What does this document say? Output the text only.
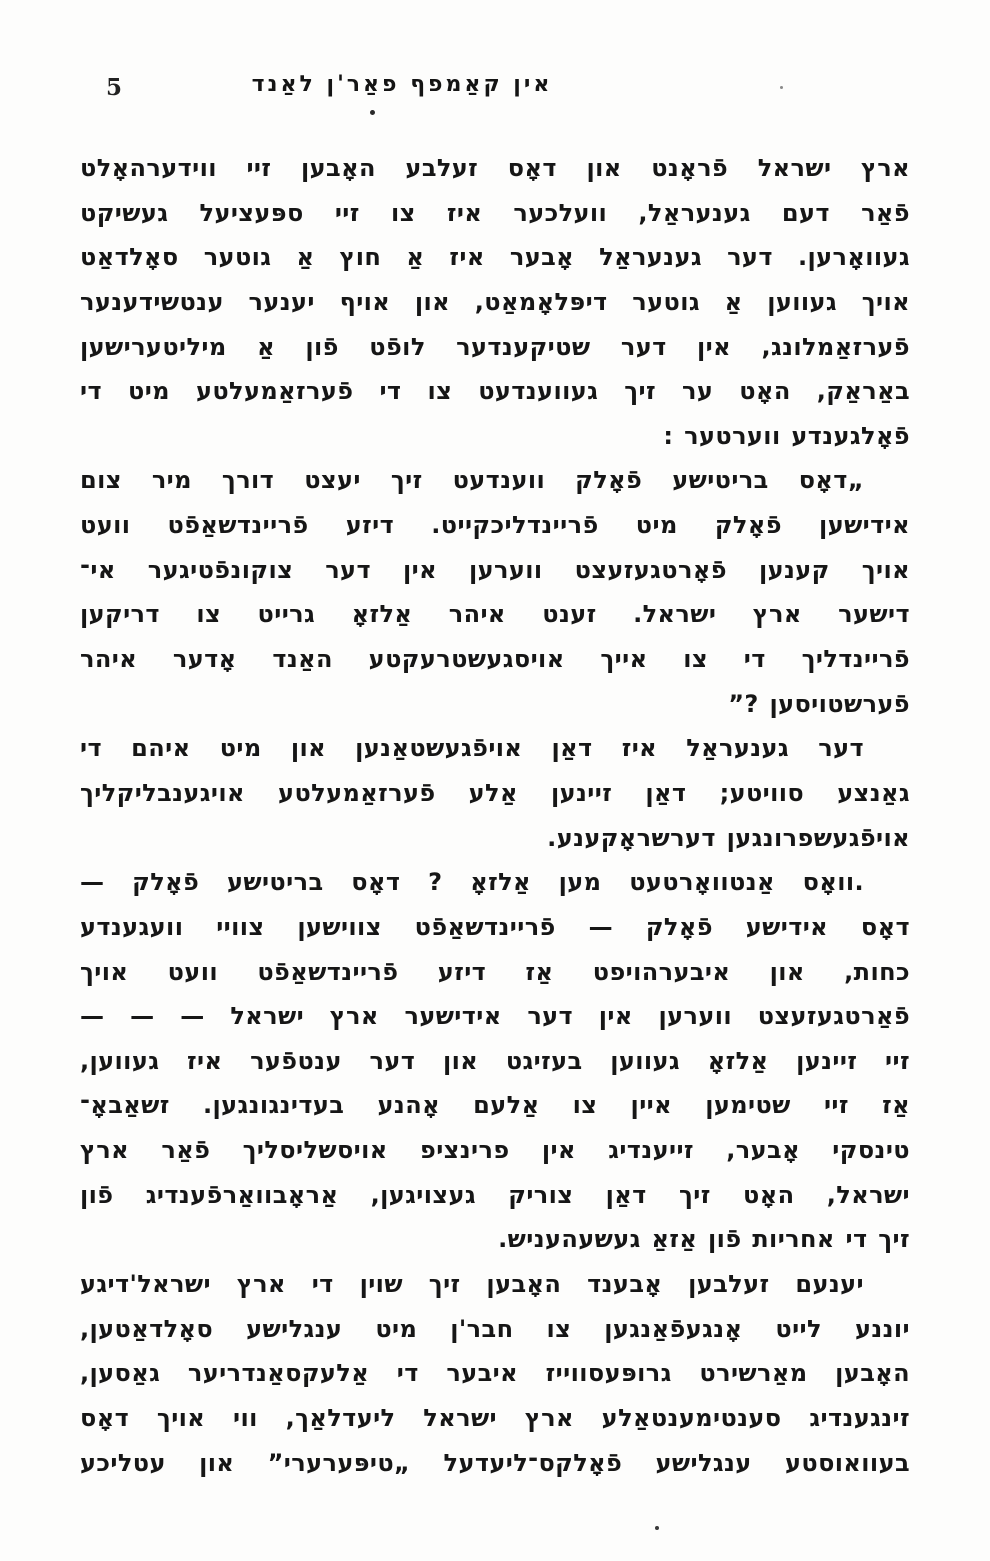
5	אין קאַמפף פאַר'ן לאַנד
ארץ ישראל פֿראָנט און דאָס זעלבע האָבען זיי ווידערהאָלט
פֿאַר דעם גענעראַל, וועלכער איז צו זיי ספּעציעל געשיקט
געוואָרען. דער גענעראַל אָבער איז אַ חוץ אַ גוטער סאָלדאַט
אויך געווען אַ גוטער דיפּלאָמאַט, און אויף יענער ענטשידענער
פֿערזאַמלונג, אין דער שטיקענדער לופֿט פֿון אַ מיליטערישען
באַראַק, האָט ער זיך געווענדעט צו די פֿערזאַמעלטע מיט די
פֿאָלגענדע ווערטער :
„דאָס בריטישע פֿאָלק ווענדעט זיך יעצט דורך מיר צום
אידישען פֿאָלק מיט פֿריינדליכקייט. דיזע פֿריינדשאַפֿט וועט
אויך קענען פֿאָרטגעזעצט ווערען אין דער צוקונפֿטיגער אי־
דישער ארץ ישראל. זענט איהר אַלזאָ גרייט צו דריקען
פֿריינדליך די צו אייך אויסגעשטרעקטע האַנד אָדער איהר
פֿערשטויסען ?”
דער גענעראַל איז דאַן אויפֿגעשטאַנען און מיט איהם די
גאַנצע סוויטע; דאַן זיינען אַלע פֿערזאַמעלטע אויגענבליקליך
אויפֿגעשפרונגען דערשראָקענע.
.וואָס אַנטוואָרטעט מען אַלזאָ ? דאָס בריטישע פֿאָלק —
דאָס אידישע פֿאָלק — פֿריינדשאַפֿט צווישען צוויי וועגענדע
כחות, און איבערהויפט אַז דיזע פֿריינדשאַפֿט וועט אויך
פֿאַרטגעזעצט ווערען אין דער אידישער ארץ ישראל — — —
זיי זיינען אַלזאָ געווען בעזיגט און דער ענטפֿער איז געווען,
אַז זיי שטימען איין צו אַלעם אָהנע בעדינגונגען. זשאַבאָ־
טינסקי אָבער, זייענדיג אין פרינציפ אויסשליסליך פֿאַר ארץ
ישראל, האָט זיך דאַן צוריק געצויגען, אַראָבוואַרפֿענדיג פֿון
זיך די אחריות פֿון אַזאַ געשעהעניש.
יענעם זעלבען אָבענד האָבען זיך שוין די ארץ ישראל'דיגע
יוננע לייט אָנגעפֿאַנגען צו חבר'ן מיט ענגלישע סאָלדאַטען,
האָבען מאַרשירט גרופּעסווייז איבער די אַלעקסאַנדריער גאַסען,
זינגענדיג סענטימענטאַלע ארץ ישראל ליעדלאַך, ווי אויך דאָס
בעוואוסטע ענגלישע פֿאָלקס־ליעדעל „טיפּערערי” און עטליכע
